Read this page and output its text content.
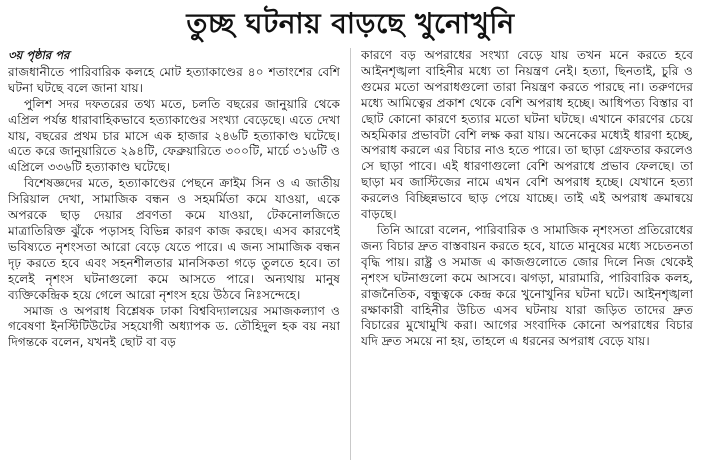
তুচ্ছ ঘটনায় বাড়ছে খুনোখুনি
৩য় পৃষ্ঠার পর

রাজধানীতে পারিবারিক কলহে মোট হত্যাকাণ্ডের ৪০ শতাংশের বেশি ঘটনা ঘটছে বলে জানা যায়।

পুলিশ সদর দফতরের তথ্য মতে, চলতি বছরের জানুয়ারি থেকে এপ্রিল পর্যন্ত ধারাবাহিকভাবে হত্যাকাণ্ডের সংখ্যা বেড়েছে। এতে দেখা যায়, বছরের প্রথম চার মাসে এক হাজার ২৪৬টি হত্যাকাণ্ড ঘটেছে। এতে করে জানুয়ারিতে ২৯৪টি, ফেব্রুয়ারিতে ৩০০টি, মার্চে ৩১৬টি ও এপ্রিলে ৩৩৬টি হত্যাকাণ্ড ঘটেছে।

বিশেষজ্ঞদের মতে, হত্যাকাণ্ডের পেছনে ক্রাইম সিন ও এ জাতীয় সিরিয়াল দেখা, সামাজিক বন্ধন ও সহমর্মিতা কমে যাওয়া, একে অপরকে ছাড় দেয়ার প্রবণতা কমে যাওয়া, টেকনোলজিতে মাত্রাতিরিক্ত ঝুঁকে পড়াসহ বিভিন্ন কারণ কাজ করছে। এসব কারণেই ভবিষ্যতে নৃশংসতা আরো বেড়ে যেতে পারে। এ জন্য সামাজিক বন্ধন দৃঢ় করতে হবে এবং সহনশীলতার মানসিকতা গড়ে তুলতে হবে। তা হলেই নৃশংস ঘটনাগুলো কমে আসতে পারে। অন্যথায় মানুষ ব্যক্তিকেন্দ্রিক হয়ে গেলে আরো নৃশংস হয়ে উঠবে নিঃসন্দেহে।

সমাজ ও অপরাধ বিশ্লেষক ঢাকা বিশ্ববিদ্যালয়ের সমাজকল্যাণ ও গবেষণা ইনস্টিটিউটের সহযোগী অধ্যাপক ড. তৌহিদুল হক বয় নয়া দিগন্তকে বলেন, যখনই ছোট বা বড়

কারণে বড় অপরাধের সংখ্যা বেড়ে যায় তখন মনে করতে হবে আইনশৃঙ্খলা বাহিনীর মধ্যে তা নিয়ন্ত্রণ নেই। হত্যা, ছিনতাই, চুরি ও গুমের মতো অপরাধগুলো তারা নিয়ন্ত্রণ করতে পারছে না। তরুণদের মধ্যে আমিত্বের প্রকাশ থেকে বেশি অপরাধ হচ্ছে। আধিপত্য বিস্তার বা ছোট কোনো কারণে হত্যার মতো ঘটনা ঘটছে। এখানে কারণের চেয়ে অহমিকার প্রভাবটা বেশি লক্ষ করা যায়। অনেকের মধ্যেই ধারণা হচ্ছে, অপরাধ করলে এর বিচার নাও হতে পারে। তা ছাড়া গ্রেফতার করলেও সে ছাড়া পাবে। এই ধারণাগুলো বেশি অপরাধে প্রভাব ফেলছে। তা ছাড়া মব জাস্টিজের নামে এখন বেশি অপরাধ হচ্ছে। যেখানে হত্যা করলেও বিচ্ছিন্নভাবে ছাড় পেয়ে যাচ্ছে। তাই এই অপরাধ ক্রমান্বয়ে বাড়ছে।

তিনি আরো বলেন, পারিবারিক ও সামাজিক নৃশংসতা প্রতিরোধের জন্য বিচার দ্রুত বাস্তবায়ন করতে হবে, যাতে মানুষের মধ্যে সচেতনতা বৃদ্ধি পায়। রাষ্ট্র ও সমাজ এ কাজগুলোতে জোর দিলে নিজ থেকেই নৃশংস ঘটনাগুলো কমে আসবে। ঝগড়া, মারামারি, পারিবারিক কলহ, রাজনৈতিক, বন্ধুত্বকে কেন্দ্র করে খুনোখুনির ঘটনা ঘটে। আইনশৃঙ্খলা রক্ষাকারী বাহিনীর উচিত এসব ঘটনায় যারা জড়িত তাদের দ্রুত বিচারের মুখোমুখি করা। আগের সংবাদিক কোনো অপরাধের বিচার যদি দ্রুত সময়ে না হয়, তাহলে এ ধরনের অপরাধ বেড়ে যায়।
